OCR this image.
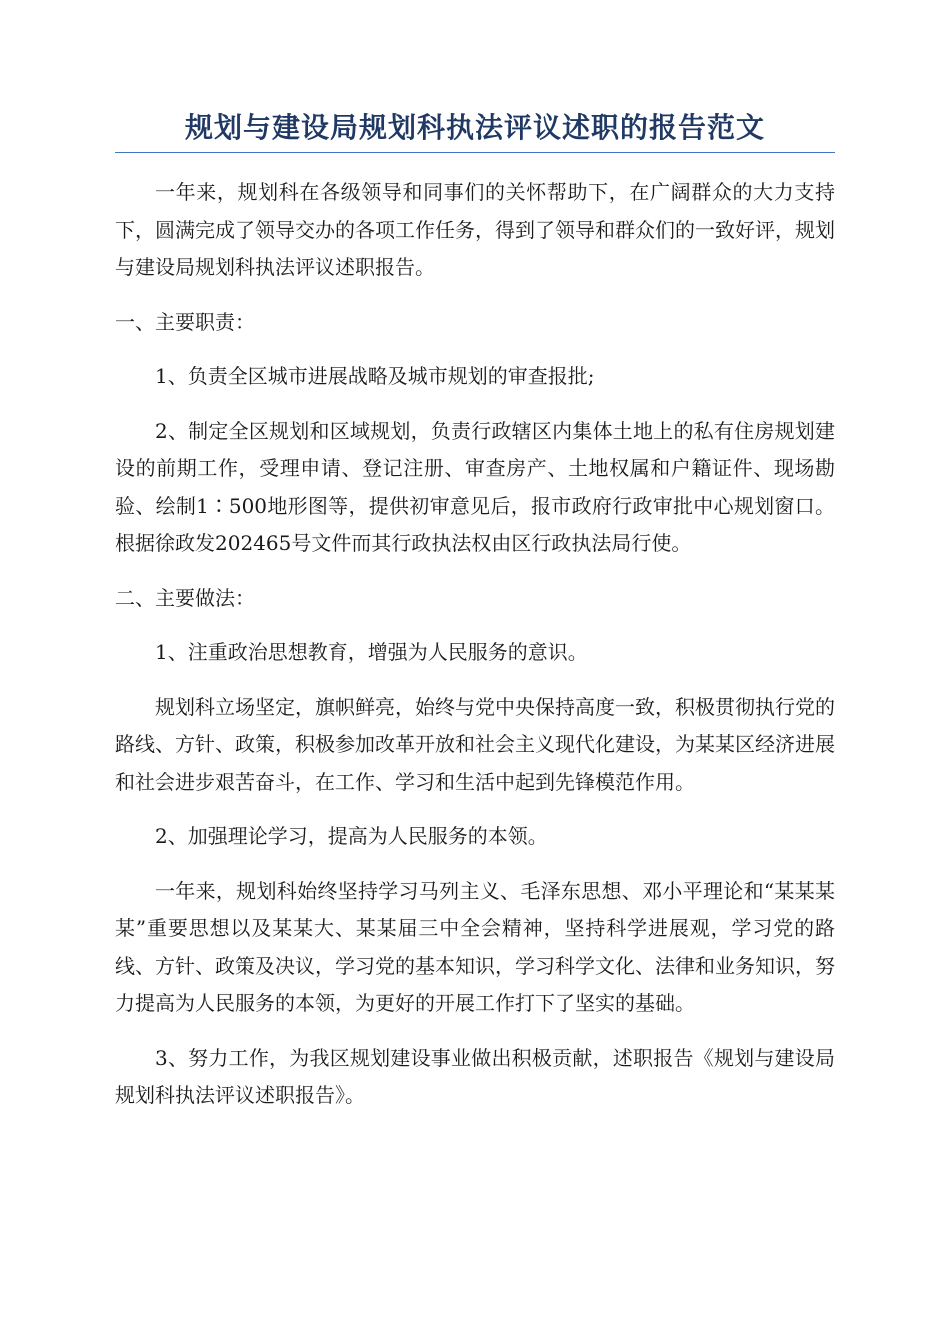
规划与建设局规划科执法评议述职的报告范文

一年来，规划科在各级领导和同事们的关怀帮助下，在广阔群众的大力支持下，圆满完成了领导交办的各项工作任务，得到了领导和群众们的一致好评，规划与建设局规划科执法评议述职报告。

一、主要职责：

1、负责全区城市进展战略及城市规划的审查报批;

2、制定全区规划和区域规划，负责行政辖区内集体土地上的私有住房规划建设的前期工作，受理申请、登记注册、审查房产、土地权属和户籍证件、现场勘验、绘制1∶500地形图等，提供初审意见后，报市政府行政审批中心规划窗口。根据徐政发202465号文件而其行政执法权由区行政执法局行使。

二、主要做法：

1、注重政治思想教育，增强为人民服务的意识。

规划科立场坚定，旗帜鲜亮，始终与党中央保持高度一致，积极贯彻执行党的路线、方针、政策，积极参加改革开放和社会主义现代化建设，为某某区经济进展和社会进步艰苦奋斗，在工作、学习和生活中起到先锋模范作用。

2、加强理论学习，提高为人民服务的本领。

一年来，规划科始终坚持学习马列主义、毛泽东思想、邓小平理论和“某某某某”重要思想以及某某大、某某届三中全会精神，坚持科学进展观，学习党的路线、方针、政策及决议，学习党的基本知识，学习科学文化、法律和业务知识，努力提高为人民服务的本领，为更好的开展工作打下了坚实的基础。

3、努力工作，为我区规划建设事业做出积极贡献，述职报告《规划与建设局规划科执法评议述职报告》。
